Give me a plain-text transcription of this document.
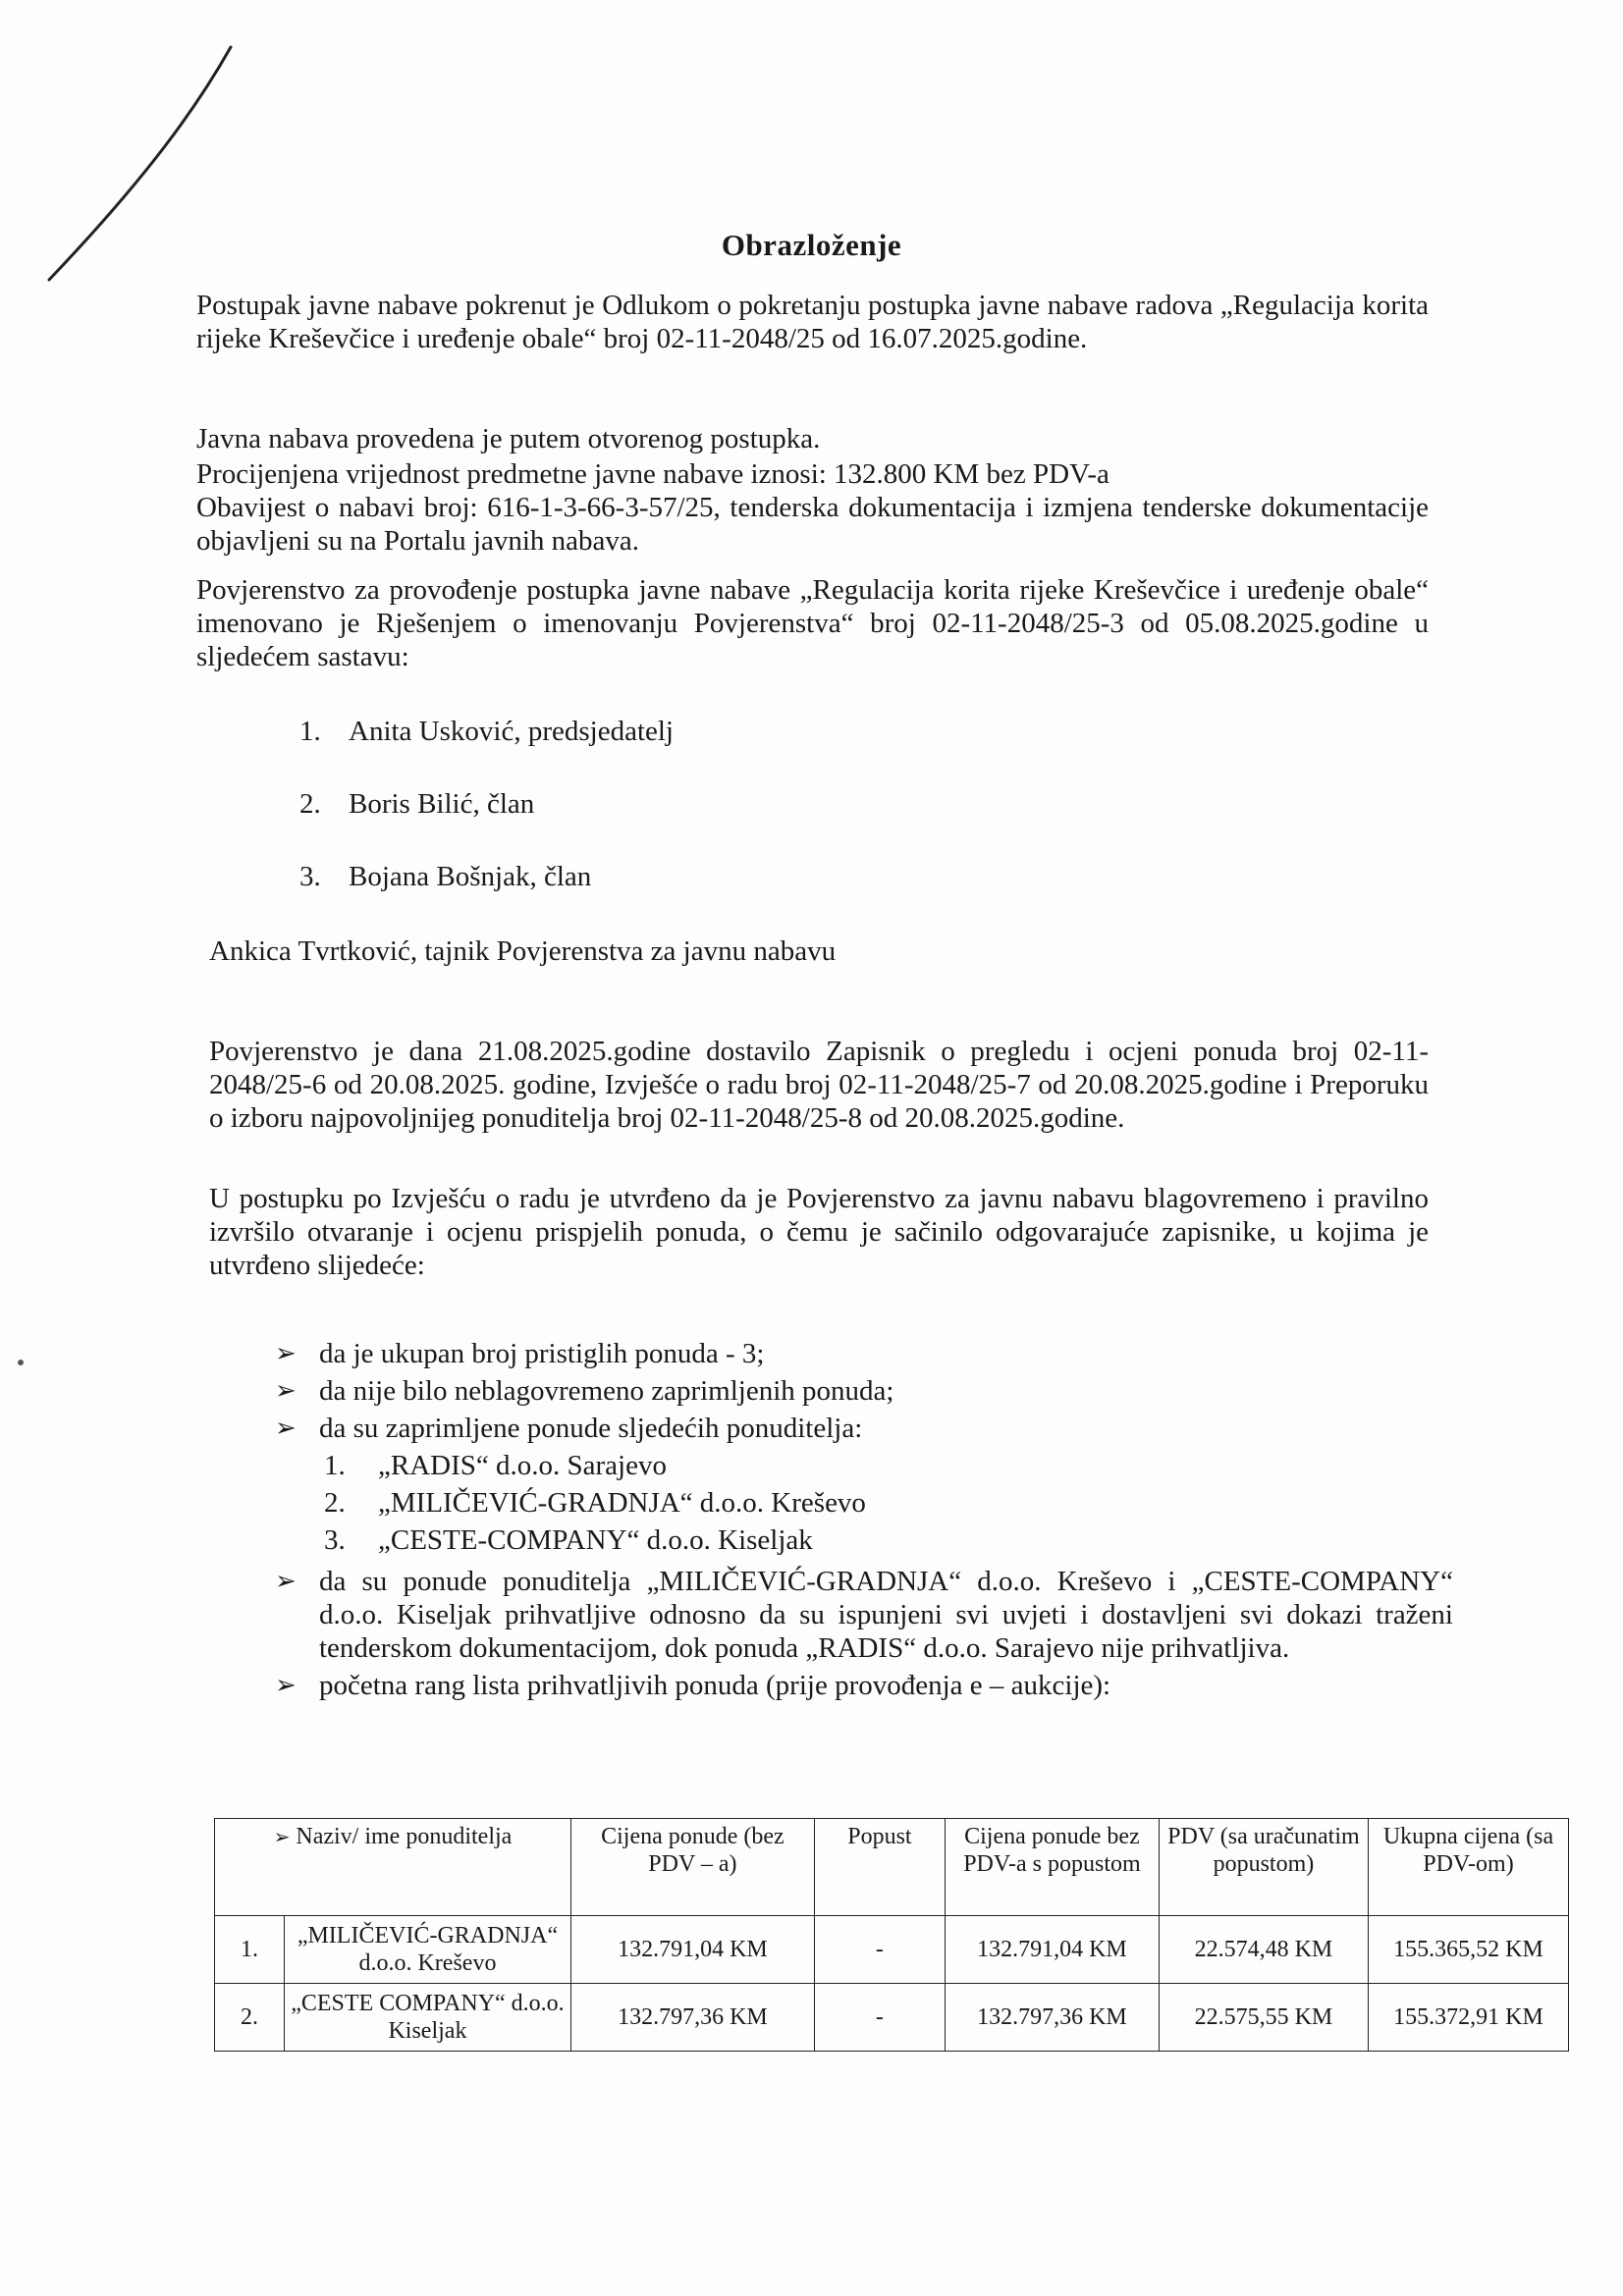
Obrazloženje
Postupak javne nabave pokrenut je Odlukom o pokretanju postupka javne nabave radova „Regulacija korita rijeke Kreševčice i uređenje obale“ broj 02-11-2048/25 od 16.07.2025.godine.
Javna nabava provedena je putem otvorenog postupka.
Procijenjena vrijednost predmetne javne nabave iznosi: 132.800 KM bez PDV-a
Obavijest o nabavi broj: 616-1-3-66-3-57/25, tenderska dokumentacija i izmjena tenderske dokumentacije objavljeni su na Portalu javnih nabava.
Povjerenstvo za provođenje postupka javne nabave „Regulacija korita rijeke Kreševčice i uređenje obale“ imenovano je Rješenjem o imenovanju Povjerenstva“ broj 02-11-2048/25-3 od 05.08.2025.godine u sljedećem sastavu:
1. Anita Usković, predsjedatelj
2. Boris Bilić, član
3. Bojana Bošnjak, član
Ankica Tvrtković, tajnik Povjerenstva za javnu nabavu
Povjerenstvo je dana 21.08.2025.godine dostavilo Zapisnik o pregledu i ocjeni ponuda broj 02-11-2048/25-6 od 20.08.2025. godine, Izvješće o radu broj 02-11-2048/25-7 od 20.08.2025.godine i Preporuku o izboru najpovoljnijeg ponuditelja broj 02-11-2048/25-8 od 20.08.2025.godine.
U postupku po Izvješću o radu je utvrđeno da je Povjerenstvo za javnu nabavu blagovremeno i pravilno izvršilo otvaranje i ocjenu prispjelih ponuda, o čemu je sačinilo odgovarajuće zapisnike, u kojima je utvrđeno slijedeće:
➢ da je ukupan broj pristiglih ponuda - 3;
➢ da nije bilo neblagovremeno zaprimljenih ponuda;
➢ da su zaprimljene ponude sljedećih ponuditelja:
1. „RADIS“ d.o.o. Sarajevo
2. „MILIČEVIĆ-GRADNJA“ d.o.o. Kreševo
3. „CESTE-COMPANY“ d.o.o. Kiseljak
➢ da su ponude ponuditelja „MILIČEVIĆ-GRADNJA“ d.o.o. Kreševo i „CESTE-COMPANY“ d.o.o. Kiseljak prihvatljive odnosno da su ispunjeni svi uvjeti i dostavljeni svi dokazi traženi tenderskom dokumentacijom, dok ponuda „RADIS“ d.o.o. Sarajevo nije prihvatljiva.
➢ početna rang lista prihvatljivih ponuda (prije provođenja e – aukcije):
➢ Naziv/ ime ponuditelja		Cijena ponude (bez PDV – a)	Popust	Cijena ponude bez PDV-a s popustom	PDV (sa uračunatim popustom)	Ukupna cijena (sa PDV-om)
1.	„MILIČEVIĆ-GRADNJA“ d.o.o. Kreševo	132.791,04 KM	-	132.791,04 KM	22.574,48 KM	155.365,52 KM
2.	„CESTE COMPANY“ d.o.o. Kiseljak	132.797,36 KM	-	132.797,36 KM	22.575,55 KM	155.372,91 KM
